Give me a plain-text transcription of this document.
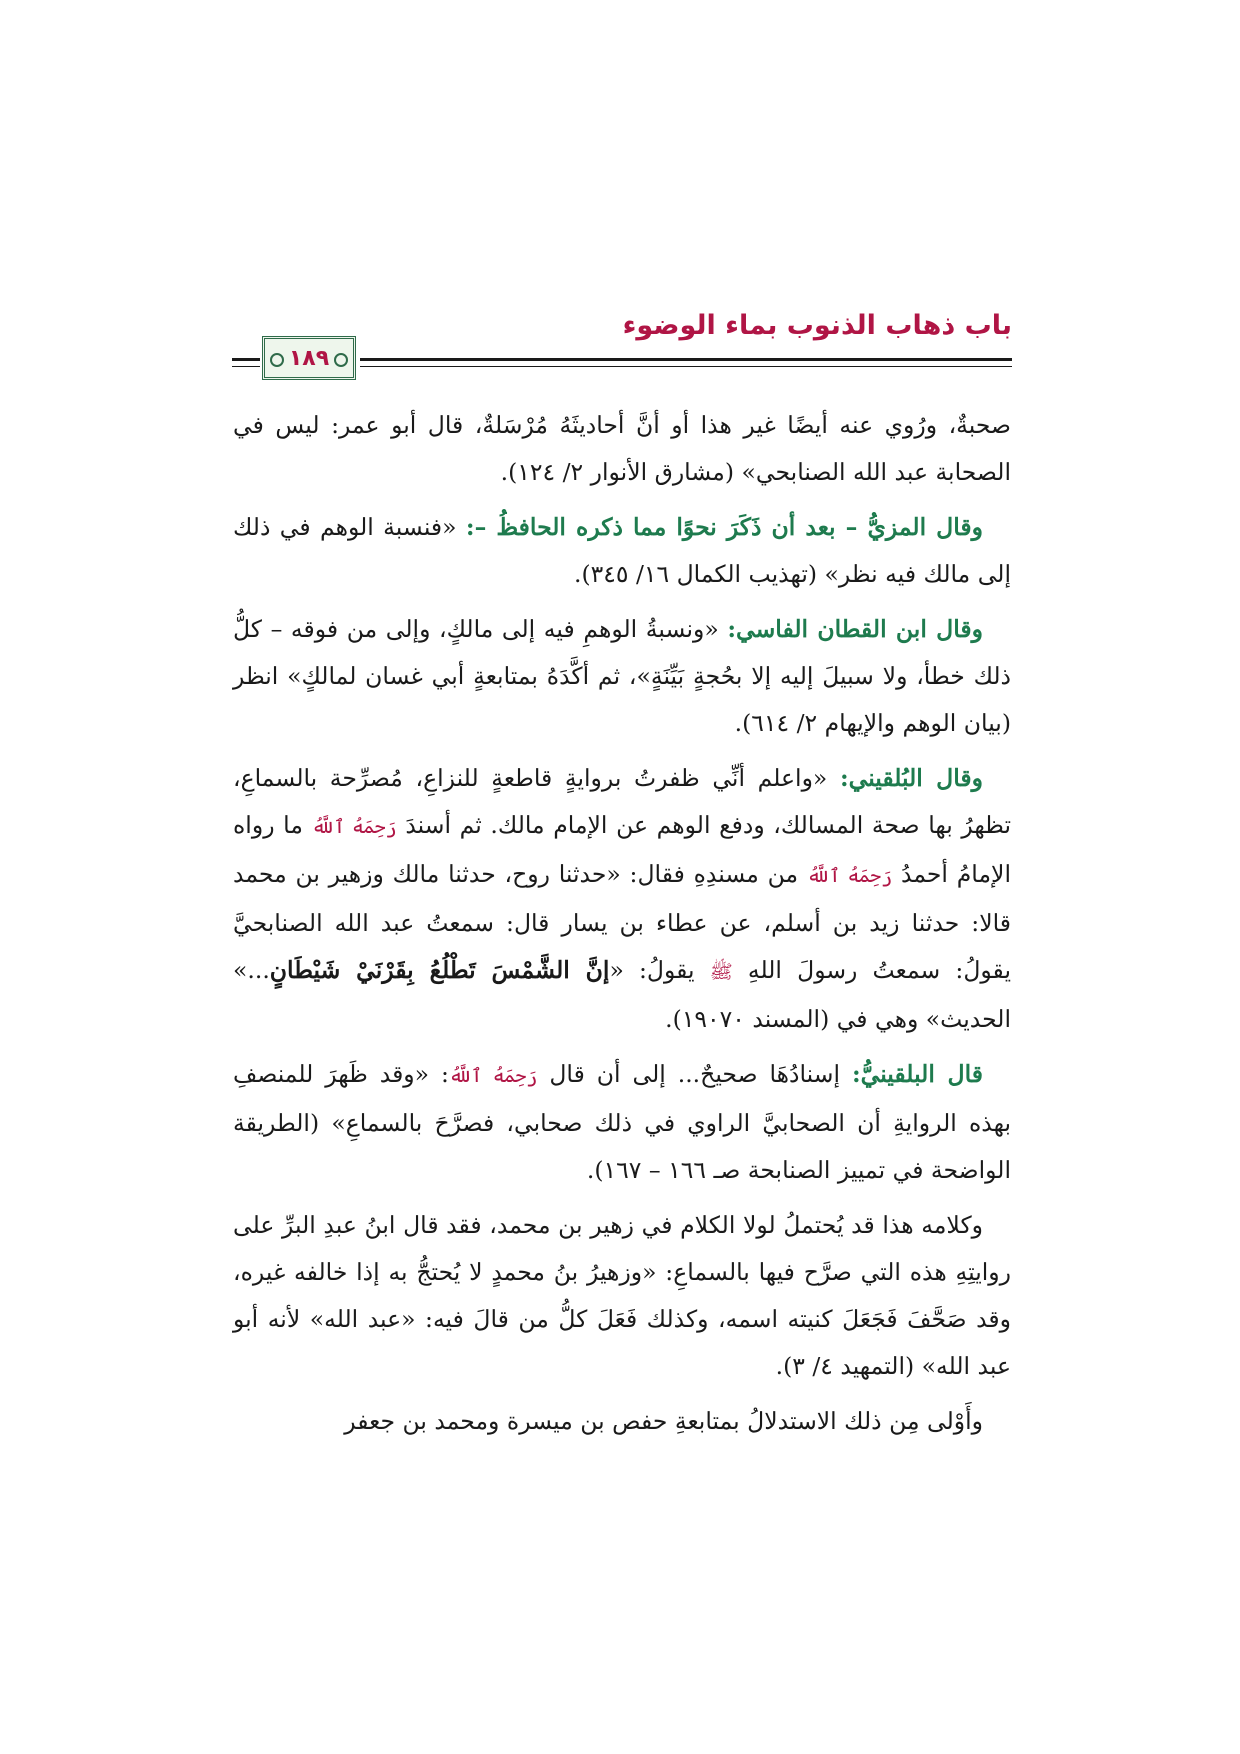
باب ذهاب الذنوب بماء الوضوء
١٨٩

صحبةٌ، ورُوي عنه أيضًا غير هذا أو أنَّ أحاديثَهُ مُرْسَلةٌ، قال أبو عمر: ليس في الصحابة عبد الله الصنابحي» (مشارق الأنوار ٢/ ١٢٤).

وقال المزيُّ – بعد أن ذَكَرَ نحوًا مما ذكره الحافظُ –: «فنسبة الوهم في ذلك إلى مالك فيه نظر» (تهذيب الكمال ١٦/ ٣٤٥).

وقال ابن القطان الفاسي: «ونسبةُ الوهمِ فيه إلى مالكٍ، وإلى من فوقه – كلُّ ذلك خطأ، ولا سبيلَ إليه إلا بحُجةٍ بَيِّنَةٍ»، ثم أكَّدَهُ بمتابعةٍ أبي غسان لمالكٍ» انظر (بيان الوهم والإيهام ٢/ ٦١٤).

وقال البُلقيني: «واعلم أنِّي ظفرتُ بروايةٍ قاطعةٍ للنزاعِ، مُصرِّحة بالسماعِ، تظهرُ بها صحة المسالك، ودفع الوهم عن الإمام مالك. ثم أسندَ رَحِمَهُ ٱللَّهُ ما رواه الإمامُ أحمدُ رَحِمَهُ ٱللَّهُ من مسندِهِ فقال: «حدثنا روح، حدثنا مالك وزهير بن محمد قالا: حدثنا زيد بن أسلم، عن عطاء بن يسار قال: سمعتُ عبد الله الصنابحيَّ يقولُ: سمعتُ رسولَ اللهِ ﷺ يقولُ: «إنَّ الشَّمْسَ تَطْلُعُ بِقَرْنَيْ شَيْطَانٍ...» الحديث» وهي في (المسند ١٩٠٧٠).

قال البلقينيُّ: إسنادُهَا صحيحٌ... إلى أن قال رَحِمَهُ ٱللَّهُ: «وقد ظَهرَ للمنصفِ بهذه الروايةِ أن الصحابيَّ الراوي في ذلك صحابي، فصرَّحَ بالسماعِ» (الطريقة الواضحة في تمييز الصنابحة صـ ١٦٦ – ١٦٧).

وكلامه هذا قد يُحتملُ لولا الكلام في زهير بن محمد، فقد قال ابنُ عبدِ البرِّ على روايتِهِ هذه التي صرَّح فيها بالسماعِ: «وزهيرُ بنُ محمدٍ لا يُحتجُّ به إذا خالفه غيره، وقد صَحَّفَ فَجَعَلَ كنيته اسمه، وكذلك فَعَلَ كلُّ من قالَ فيه: «عبد الله» لأنه أبو عبد الله» (التمهيد ٤/ ٣).

وأَوْلى مِن ذلك الاستدلالُ بمتابعةِ حفص بن ميسرة ومحمد بن جعفر
